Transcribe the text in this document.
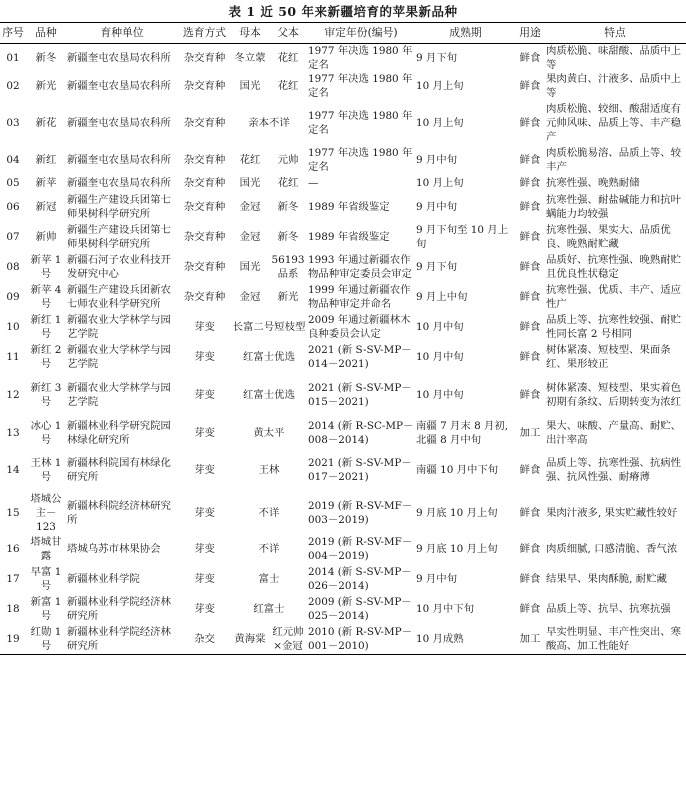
表 1 近 50 年来新疆培育的苹果新品种
序号	品种	育种单位	选育方式	母本	父本	审定年份(编号)	成熟期	用途	特点
01	新冬	新疆奎屯农垦局农科所	杂交育种	冬立蒙	花红	1977 年决选 1980 年定名	9 月下旬	鲜食	肉质松脆、味甜酸、品质中上等
02	新光	新疆奎屯农垦局农科所	杂交育种	国光	花红	1977 年决选 1980 年定名	10 月上旬	鲜食	果肉黄白、汁液多、品质中上等
03	新花	新疆奎屯农垦局农科所	杂交育种	亲本不详		1977 年决选 1980 年定名	10 月上旬	鲜食	肉质松脆、较细、酸甜适度有元帅风味、品质上等、丰产稳产
04	新红	新疆奎屯农垦局农科所	杂交育种	花红	元帅	1977 年决选 1980 年定名	9 月中旬	鲜食	肉质松脆易溶、品质上等、较丰产
05	新苹	新疆奎屯农垦局农科所	杂交育种	国光	花红	—	10 月上旬	鲜食	抗寒性强、晚熟耐储
06	新冠	新疆生产建设兵团第七师果树科学研究所	杂交育种	金冠	新冬	1989 年省级鉴定	9 月中旬	鲜食	抗寒性强、耐盐碱能力和抗叶螨能力均较强
07	新帅	新疆生产建设兵团第七师果树科学研究所	杂交育种	金冠	新冬	1989 年省级鉴定	9 月下旬至 10 月上旬	鲜食	抗寒性强、果实大、品质优良、晚熟耐贮藏
08	新苹 1 号	新疆石河子农业科技开发研究中心	杂交育种	国光	56193 品系	1993 年通过新疆农作物品种审定委员会审定	9 月下旬	鲜食	品质好、抗寒性强、晚熟耐贮且优良性状稳定
09	新苹 4 号	新疆生产建设兵团新农七师农业科学研究所	杂交育种	金冠	新光	1999 年通过新疆农作物品种审定并命名	9 月上中旬	鲜食	抗寒性强、优质、丰产、适应性广
10	新红 1 号	新疆农业大学林学与园艺学院	芽变	长富二号短枝型		2009 年通过新疆林木良种委员会认定	10 月中旬	鲜食	品质上等、抗寒性较强、耐贮性同长富 2 号相同
11	新红 2 号	新疆农业大学林学与园艺学院	芽变	红富士优选		2021 (新 S-SV-MP－014－2021)	10 月中旬	鲜食	树体紧凑、短枝型、果面条红、果形较正
12	新红 3 号	新疆农业大学林学与园艺学院	芽变	红富士优选		2021 (新 S-SV-MP－015－2021)	10 月中旬	鲜食	树体紧凑、短枝型、果实着色初期有条纹、后期转变为浓红
13	冰心 1 号	新疆林业科学研究院园林绿化研究所	芽变	黄太平		2014 (新 R-SC-MP－008－2014)	南疆 7 月末 8 月初, 北疆 8 月中旬	加工	果大、味酸、产量高、耐贮、出汁率高
14	王林 1 号	新疆林科院国有林绿化研究所	芽变	王林		2021 (新 S-SV-MP－017－2021)	南疆 10 月中下旬	鲜食	品质上等、抗寒性强、抗病性强、抗风性强、耐瘠薄
15	塔城公主－123	新疆林科院经济林研究所	芽变	不详		2019 (新 R-SV-MF－003－2019)	9 月底 10 月上旬	鲜食	果肉汁液多, 果实贮藏性较好
16	塔城甘露	塔城乌苏市林果协会	芽变	不详		2019 (新 R-SV-MF－004－2019)	9 月底 10 月上旬	鲜食	肉质细腻, 口感清脆、香气浓
17	早富 1 号	新疆林业科学院	芽变	富士		2014 (新 S-SV-MP－026－2014)	9 月中旬	鲜食	结果早、果肉酥脆, 耐贮藏
18	新富 1 号	新疆林业科学院经济林研究所	芽变	红富士		2009 (新 S-SV-MP－025－2014)	10 月中下旬	鲜食	品质上等、抗旱、抗寒抗强
19	红勋 1 号	新疆林业科学院经济林研究所	杂交	黄海棠	红元帅 ×金冠	2010 (新 R-SV-MP－001－2010)	10 月成熟	加工	早实性明显、丰产性突出、寒酸高、加工性能好
